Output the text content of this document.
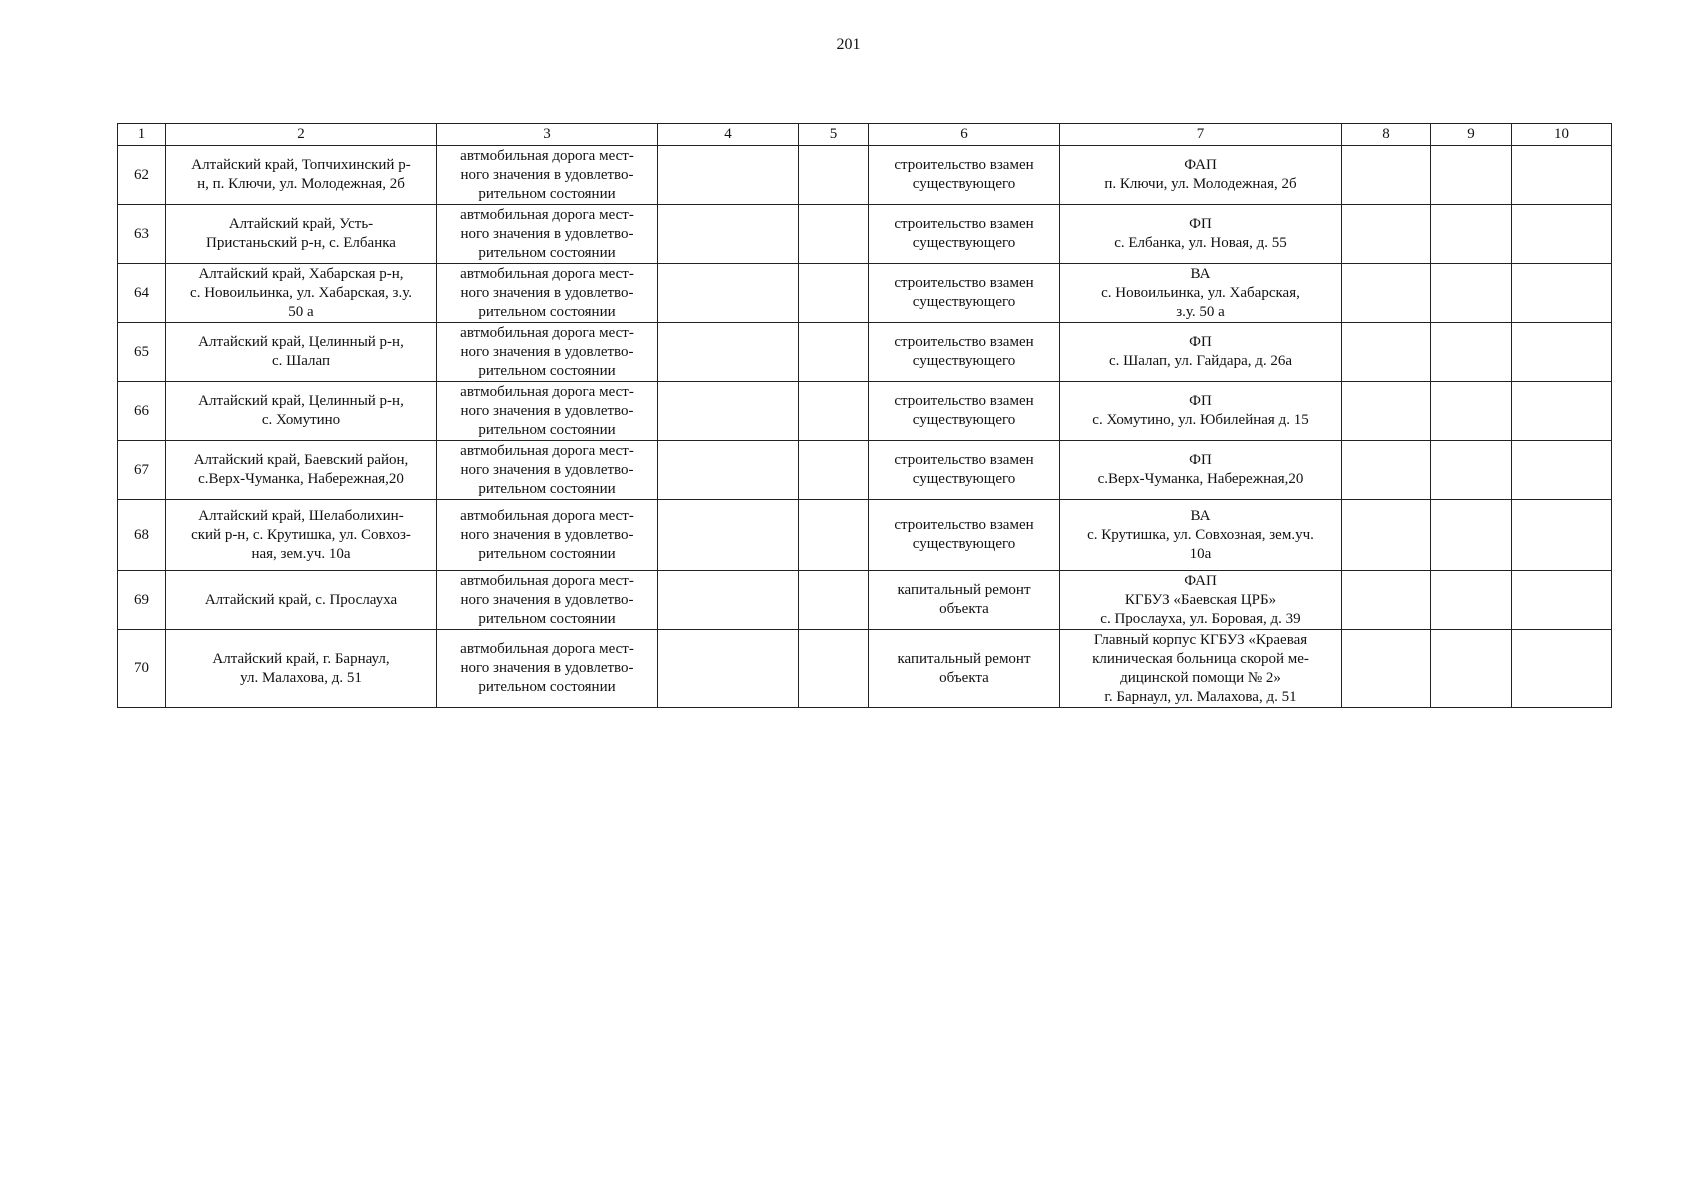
201
1	2	3	4	5	6	7	8	9	10
62	Алтайский край, Топчихинский р-
н, п. Ключи, ул. Молодежная, 2б	автмобильная дорога мест-
ного значения в удовлетво-
рительном состоянии			строительство взамен
существующего	ФАП
п. Ключи, ул. Молодежная, 2б			
63	Алтайский край, Усть-
Пристаньский р-н, с. Елбанка	автмобильная дорога мест-
ного значения в удовлетво-
рительном состоянии			строительство взамен
существующего	ФП
с. Елбанка, ул. Новая, д. 55			
64	Алтайский край, Хабарская р-н,
с. Новоильинка, ул. Хабарская, з.у.
50 а	автмобильная дорога мест-
ного значения в удовлетво-
рительном состоянии			строительство взамен
существующего	ВА
с. Новоильинка, ул. Хабарская,
з.у. 50 а			
65	Алтайский край, Целинный р-н,
с. Шалап	автмобильная дорога мест-
ного значения в удовлетво-
рительном состоянии			строительство взамен
существующего	ФП
с. Шалап, ул. Гайдара, д. 26а			
66	Алтайский край, Целинный р-н,
с. Хомутино	автмобильная дорога мест-
ного значения в удовлетво-
рительном состоянии			строительство взамен
существующего	ФП
с. Хомутино, ул. Юбилейная д. 15			
67	Алтайский край, Баевский район,
с.Верх-Чуманка, Набережная,20	автмобильная дорога мест-
ного значения в удовлетво-
рительном состоянии			строительство взамен
существующего	ФП
с.Верх-Чуманка, Набережная,20			
68	Алтайский край, Шелаболихин-
ский р-н, с. Крутишка, ул. Совхоз-
ная, зем.уч. 10а	автмобильная дорога мест-
ного значения в удовлетво-
рительном состоянии			строительство взамен
существующего	ВА
с. Крутишка, ул. Совхозная, зем.уч.
10а			
69	Алтайский край, с. Прослауха	автмобильная дорога мест-
ного значения в удовлетво-
рительном состоянии			капитальный ремонт
объекта	ФАП
КГБУЗ «Баевская ЦРБ»
с. Прослауха, ул. Боровая, д. 39			
70	Алтайский край, г. Барнаул,
ул. Малахова, д. 51	автмобильная дорога мест-
ного значения в удовлетво-
рительном состоянии			капитальный ремонт
объекта	Главный корпус КГБУЗ «Краевая
клиническая больница скорой ме-
дицинской помощи № 2»
г. Барнаул, ул. Малахова, д. 51			
